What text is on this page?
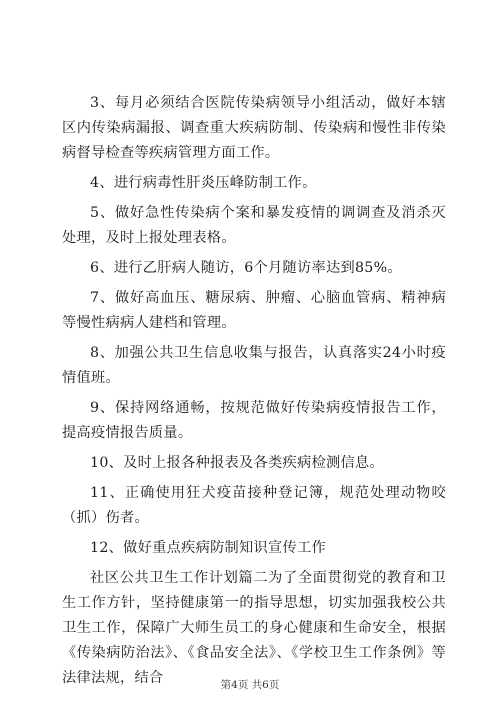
3、每月必须结合医院传染病领导小组活动，做好本辖区内传染病漏报、调查重大疾病防制、传染病和慢性非传染病督导检查等疾病管理方面工作。

4、进行病毒性肝炎压峰防制工作。

5、做好急性传染病个案和暴发疫情的调调查及消杀灭处理，及时上报处理表格。

6、进行乙肝病人随访，6个月随访率达到85%。

7、做好高血压、糖尿病、肿瘤、心脑血管病、精神病等慢性病病人建档和管理。

8、加强公共卫生信息收集与报告，认真落实24小时疫情值班。

9、保持网络通畅，按规范做好传染病疫情报告工作，提高疫情报告质量。

10、及时上报各种报表及各类疾病检测信息。

11、正确使用狂犬疫苗接种登记簿，规范处理动物咬（抓）伤者。

12、做好重点疾病防制知识宣传工作

社区公共卫生工作计划篇二为了全面贯彻党的教育和卫生工作方针，坚持健康第一的指导思想，切实加强我校公共卫生工作，保障广大师生员工的身心健康和生命安全，根据《传染病防治法》、《食品安全法》、《学校卫生工作条例》等法律法规，结合	第4页 共6页
